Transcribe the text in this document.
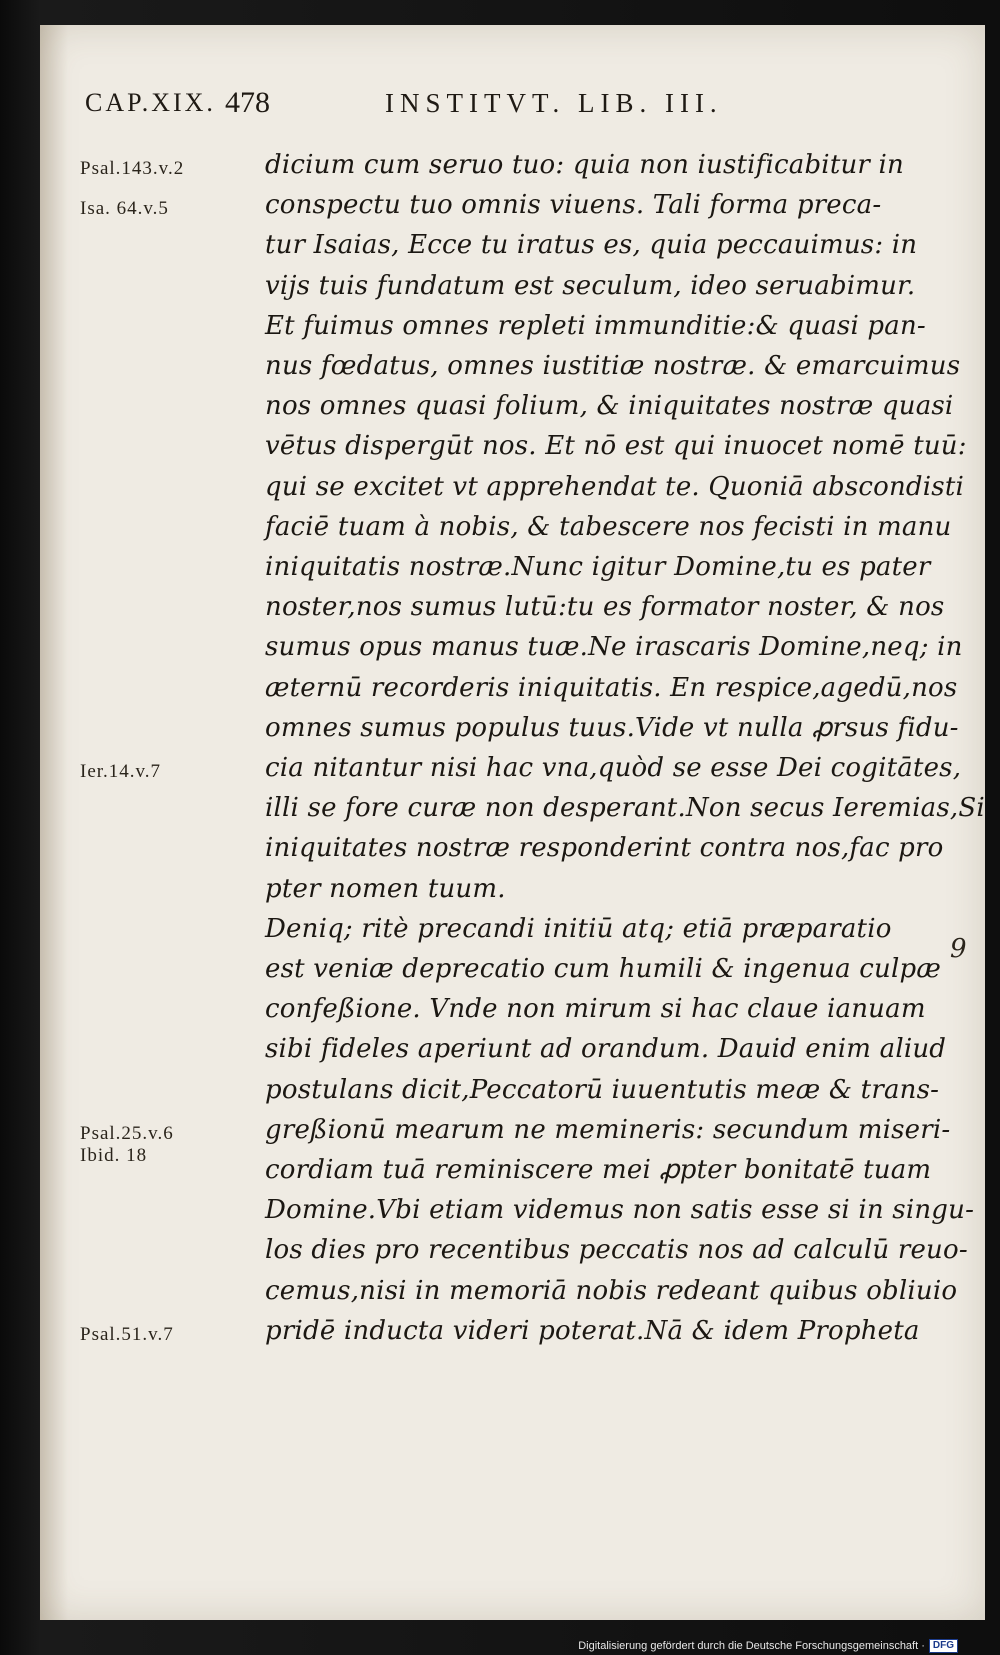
CAP.XIX. 478	INSTITVT. LIB. III.
Psal.143.v.2
Isa. 64.v.5
Ier.14.v.7
Psal.25.v.6
Ibid. 18
Psal.51.v.7
dicium cum seruo tuo: quia non iustificabitur in
conspectu tuo omnis viuens. Tali forma preca-
tur Isaias, Ecce tu iratus es, quia peccauimus: in
vijs tuis fundatum est seculum, ideo seruabimur.
Et fuimus omnes repleti immunditie:& quasi pan-
nus fœdatus, omnes iustitiæ nostræ. & emarcuimus
nos omnes quasi folium, & iniquitates nostræ quasi
vētus dispergūt nos. Et nō est qui inuocet nomē tuū:
qui se excitet vt apprehendat te. Quoniā abscondisti
faciē tuam à nobis, & tabescere nos fecisti in manu
iniquitatis nostræ.Nunc igitur Domine,tu es pater
noster,nos sumus lutū:tu es formator noster, & nos
sumus opus manus tuæ.Ne irascaris Domine,neq; in
æternū recorderis iniquitatis. En respice,agedū,nos
omnes sumus populus tuus.Vide vt nulla ꝓrsus fidu-
cia nitantur nisi hac vna,quòd se esse Dei cogitātes,
illi se fore curæ non desperant.Non secus Ieremias,Si
iniquitates nostræ responderint contra nos,fac pro
pter nomen tuum.
Deniq; ritè precandi initiū atq; etiā præparatio
est veniæ deprecatio cum humili & ingenua culpæ
confeßione. Vnde non mirum si hac claue ianuam
sibi fideles aperiunt ad orandum. Dauid enim aliud
postulans dicit,Peccatorū iuuentutis meæ & trans-
greßionū mearum ne memineris: secundum miseri-
cordiam tuā reminiscere mei ꝓpter bonitatē tuam
Domine.Vbi etiam videmus non satis esse si in singu-
los dies pro recentibus peccatis nos ad calculū reuo-
cemus,nisi in memoriā nobis redeant quibus obliuio
pridē inducta videri poterat.Nā & idem Propheta
9
Digitalisierung gefördert durch die Deutsche Forschungsgemeinschaft · DFG
